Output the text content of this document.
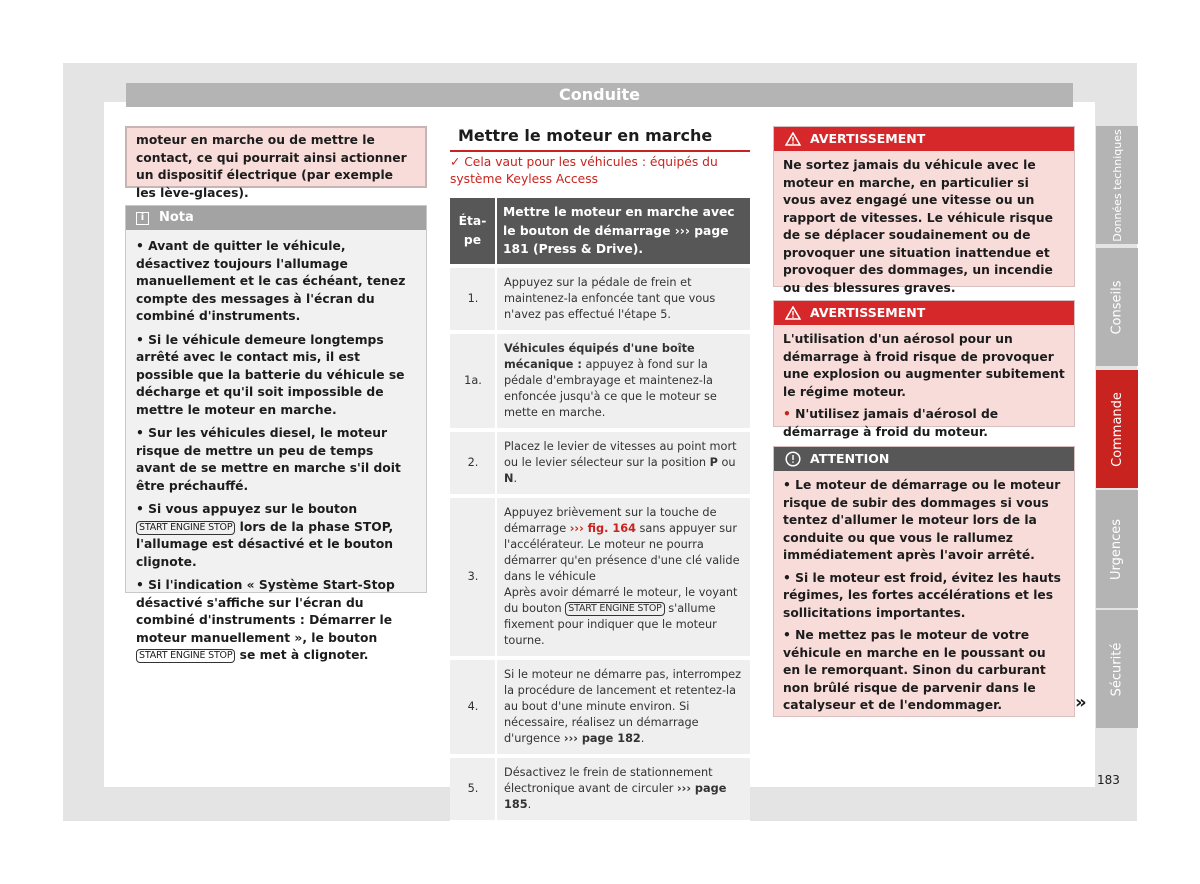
Conduite
moteur en marche ou de mettre le contact, ce qui pourrait ainsi actionner un dispositif électrique (par exemple les lève-glaces).
i	Nota

• Avant de quitter le véhicule, désactivez toujours l'allumage manuellement et le cas échéant, tenez compte des messages à l'écran du combiné d'instruments.

• Si le véhicule demeure longtemps arrêté avec le contact mis, il est possible que la batterie du véhicule se décharge et qu'il soit impossible de mettre le moteur en marche.

• Sur les véhicules diesel, le moteur risque de mettre un peu de temps avant de se mettre en marche s'il doit être préchauffé.

• Si vous appuyez sur le bouton START ENGINE STOP lors de la phase STOP, l'allumage est désactivé et le bouton clignote.

• Si l'indication « Système Start-Stop désactivé s'affiche sur l'écran du combiné d'instruments : Démarrer le moteur manuellement », le bouton START ENGINE STOP se met à clignoter.

Mettre le moteur en marche
✓ Cela vaut pour les véhicules : équipés du système Keyless Access
Étape	Mettre le moteur en marche avec le bouton de démarrage ››› page 181 (Press & Drive).
1.	Appuyez sur la pédale de frein et maintenez-la enfoncée tant que vous n'avez pas effectué l'étape 5.
1a.	Véhicules équipés d'une boîte mécanique : appuyez à fond sur la pédale d'embrayage et maintenez-la enfoncée jusqu'à ce que le moteur se mette en marche.
2.	Placez le levier de vitesses au point mort ou le levier sélecteur sur la position P ou N.
3.	Appuyez brièvement sur la touche de démarrage ››› fig. 164 sans appuyer sur l'accélérateur. Le moteur ne pourra démarrer qu'en présence d'une clé valide dans le véhicule
Après avoir démarré le moteur, le voyant du bouton START ENGINE STOP s'allume fixement pour indiquer que le moteur tourne.
4.	Si le moteur ne démarre pas, interrompez la procédure de lancement et retentez-la au bout d'une minute environ. Si nécessaire, réalisez un démarrage d'urgence ››› page 182.
5.	Désactivez le frein de stationnement électronique avant de circuler ››› page 185.
AVERTISSEMENT

Ne sortez jamais du véhicule avec le moteur en marche, en particulier si vous avez engagé une vitesse ou un rapport de vitesses. Le véhicule risque de se déplacer soudainement ou de provoquer une situation inattendue et provoquer des dommages, un incendie ou des blessures graves.

AVERTISSEMENT

L'utilisation d'un aérosol pour un démarrage à froid risque de provoquer une explosion ou augmenter subitement le régime moteur.

• N'utilisez jamais d'aérosol de démarrage à froid du moteur.

ATTENTION

• Le moteur de démarrage ou le moteur risque de subir des dommages si vous tentez d'allumer le moteur lors de la conduite ou que vous le rallumez immédiatement après l'avoir arrêté.

• Si le moteur est froid, évitez les hauts régimes, les fortes accélérations et les sollicitations importantes.

• Ne mettez pas le moteur de votre véhicule en marche en le poussant ou en le remorquant. Sinon du carburant non brûlé risque de parvenir dans le catalyseur et de l'endommager.	»
Données techniques
Conseils
Commande
Urgences
Sécurité
183
